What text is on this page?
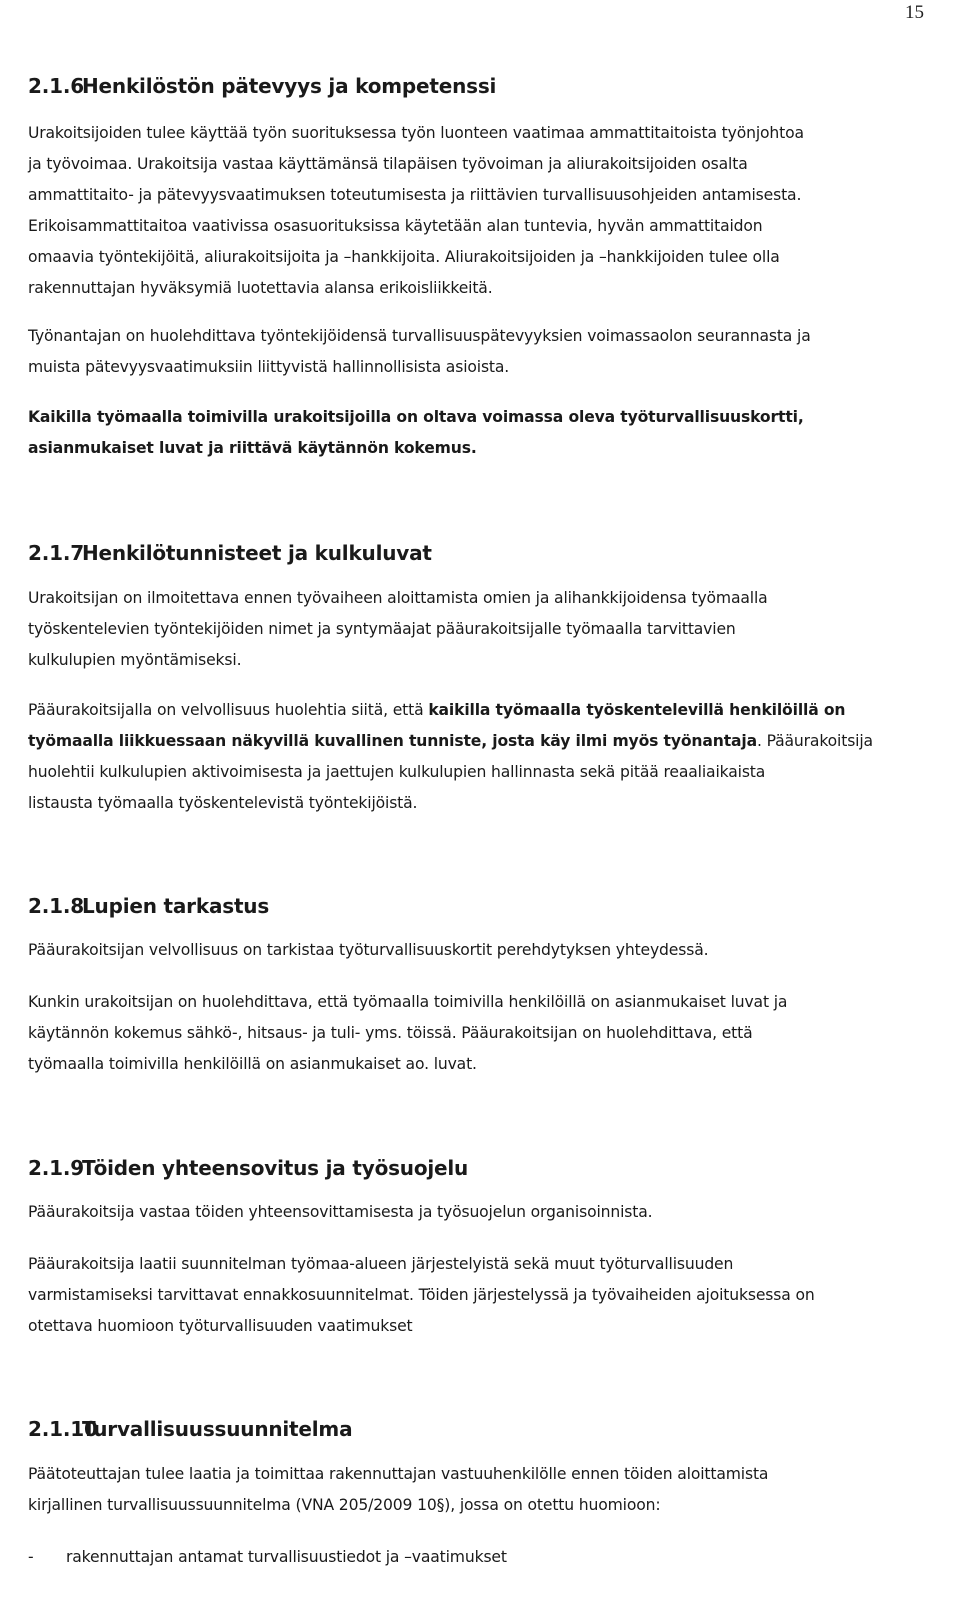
15
2.1.6Henkilöstön pätevyys ja kompetenssi
Urakoitsijoiden tulee käyttää työn suorituksessa työn luonteen vaatimaa ammattitaitoista työnjohtoa
ja työvoimaa. Urakoitsija vastaa käyttämänsä tilapäisen työvoiman ja aliurakoitsijoiden osalta
ammattitaito- ja pätevyysvaatimuksen toteutumisesta ja riittävien turvallisuusohjeiden antamisesta.
Erikoisammattitaitoa vaativissa osasuorituksissa käytetään alan tuntevia, hyvän ammattitaidon
omaavia työntekijöitä, aliurakoitsijoita ja –hankkijoita. Aliurakoitsijoiden ja –hankkijoiden tulee olla
rakennuttajan hyväksymiä luotettavia alansa erikoisliikkeitä.
Työnantajan on huolehdittava työntekijöidensä turvallisuuspätevyyksien voimassaolon seurannasta ja
muista pätevyysvaatimuksiin liittyvistä hallinnollisista asioista.
Kaikilla työmaalla toimivilla urakoitsijoilla on oltava voimassa oleva työturvallisuuskortti,
asianmukaiset luvat ja riittävä käytännön kokemus.
2.1.7Henkilötunnisteet ja kulkuluvat
Urakoitsijan on ilmoitettava ennen työvaiheen aloittamista omien ja alihankkijoidensa työmaalla
työskentelevien työntekijöiden nimet ja syntymäajat pääurakoitsijalle työmaalla tarvittavien
kulkulupien myöntämiseksi.
Pääurakoitsijalla on velvollisuus huolehtia siitä, että kaikilla työmaalla työskentelevillä henkilöillä on
työmaalla liikkuessaan näkyvillä kuvallinen tunniste, josta käy ilmi myös työnantaja. Pääurakoitsija
huolehtii kulkulupien aktivoimisesta ja jaettujen kulkulupien hallinnasta sekä pitää reaaliaikaista
listausta työmaalla työskentelevistä työntekijöistä.
2.1.8Lupien tarkastus
Pääurakoitsijan velvollisuus on tarkistaa työturvallisuuskortit perehdytyksen yhteydessä.
Kunkin urakoitsijan on huolehdittava, että työmaalla toimivilla henkilöillä on asianmukaiset luvat ja
käytännön kokemus sähkö-, hitsaus- ja tuli- yms. töissä. Pääurakoitsijan on huolehdittava, että
työmaalla toimivilla henkilöillä on asianmukaiset ao. luvat.
2.1.9Töiden yhteensovitus ja työsuojelu
Pääurakoitsija vastaa töiden yhteensovittamisesta ja työsuojelun organisoinnista.
Pääurakoitsija laatii suunnitelman työmaa-alueen järjestelyistä sekä muut työturvallisuuden
varmistamiseksi tarvittavat ennakkosuunnitelmat. Töiden järjestelyssä ja työvaiheiden ajoituksessa on
otettava huomioon työturvallisuuden vaatimukset
2.1.10Turvallisuussuunnitelma
Päätoteuttajan tulee laatia ja toimittaa rakennuttajan vastuuhenkilölle ennen töiden aloittamista
kirjallinen turvallisuussuunnitelma (VNA 205/2009 10§), jossa on otettu huomioon:
- rakennuttajan antamat turvallisuustiedot ja –vaatimukset
